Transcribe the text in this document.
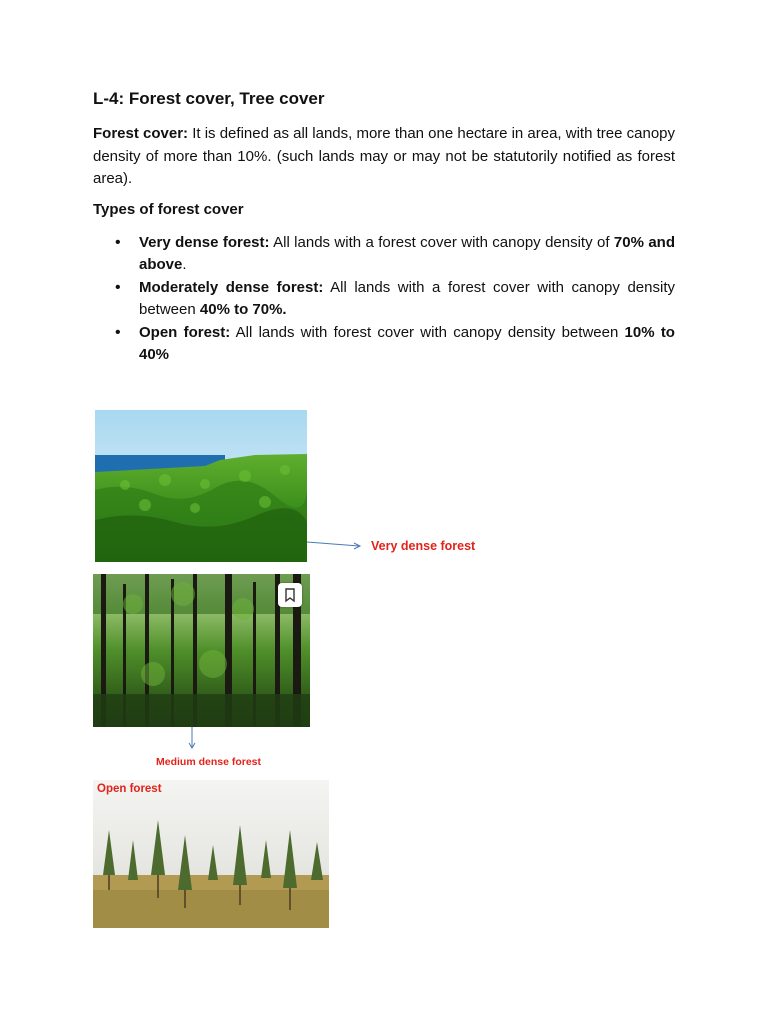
L-4: Forest cover, Tree cover

Forest cover: It is defined as all lands, more than one hectare in area, with tree canopy density of more than 10%. (such lands may or may not be statutorily notified as forest area).

Types of forest cover

• Very dense forest: All lands with a forest cover with canopy density of 70% and above.
• Moderately dense forest: All lands with a forest cover with canopy density between 40% to 70%.
• Open forest: All lands with forest cover with canopy density between 10% to 40%
Very dense forest
Medium dense forest
Open forest
